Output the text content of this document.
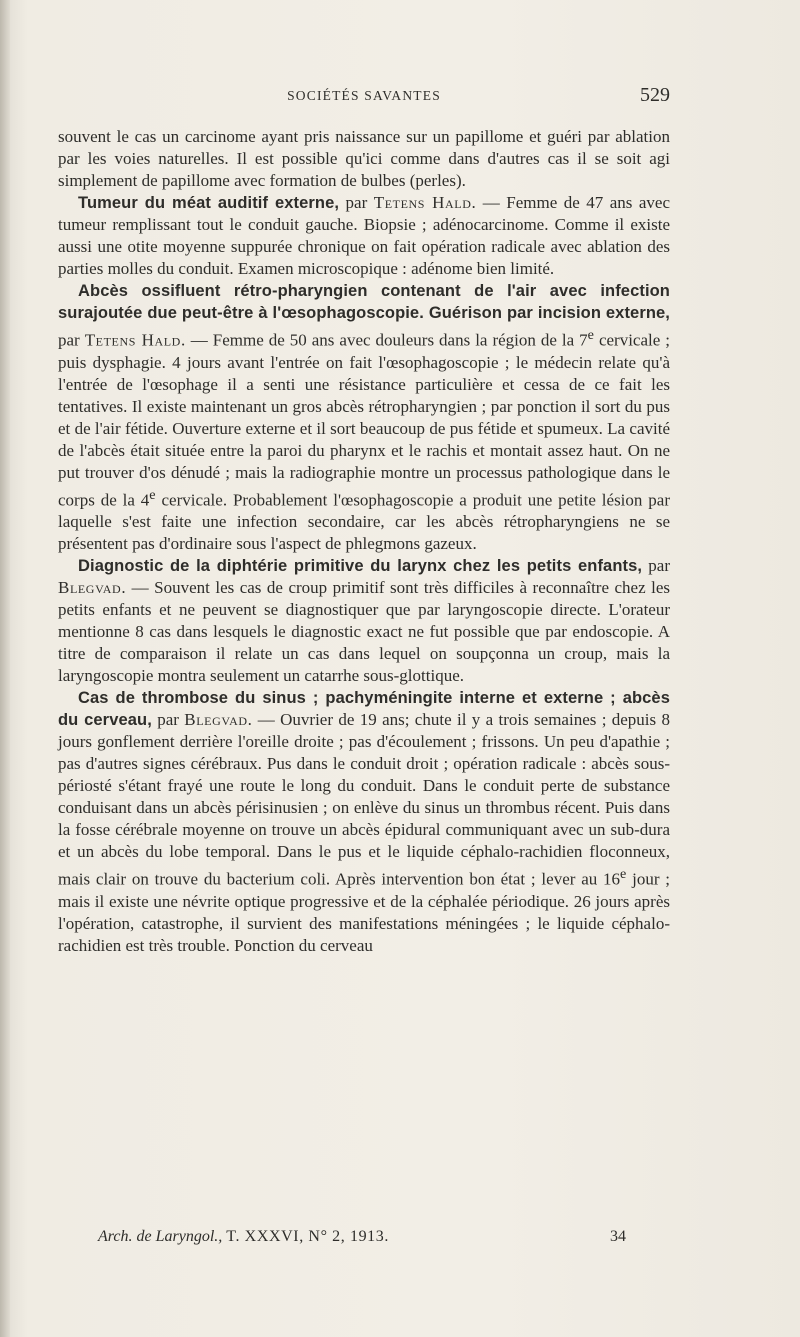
SOCIÉTÉS SAVANTES	529

souvent le cas un carcinome ayant pris naissance sur un papillome et guéri par ablation par les voies naturelles. Il est possible qu'ici comme dans d'autres cas il se soit agi simplement de papillome avec formation de bulbes (perles).

Tumeur du méat auditif externe, par Tetens Hald. — Femme de 47 ans avec tumeur remplissant tout le conduit gauche. Biopsie ; adénocarcinome. Comme il existe aussi une otite moyenne suppurée chronique on fait opération radicale avec ablation des parties molles du conduit. Examen microscopique : adénome bien limité.

Abcès ossifluent rétro-pharyngien contenant de l'air avec infection surajoutée due peut-être à l'œsophagoscopie. Guérison par incision externe, par Tetens Hald. — Femme de 50 ans avec douleurs dans la région de la 7e cervicale ; puis dysphagie. 4 jours avant l'entrée on fait l'œsophagoscopie ; le médecin relate qu'à l'entrée de l'œsophage il a senti une résistance particulière et cessa de ce fait les tentatives. Il existe maintenant un gros abcès rétropharyngien ; par ponction il sort du pus et de l'air fétide. Ouverture externe et il sort beaucoup de pus fétide et spumeux. La cavité de l'abcès était située entre la paroi du pharynx et le rachis et montait assez haut. On ne put trouver d'os dénudé ; mais la radiographie montre un processus pathologique dans le corps de la 4e cervicale. Probablement l'œsophagoscopie a produit une petite lésion par laquelle s'est faite une infection secondaire, car les abcès rétropharyngiens ne se présentent pas d'ordinaire sous l'aspect de phlegmons gazeux.

Diagnostic de la diphtérie primitive du larynx chez les petits enfants, par Blegvad. — Souvent les cas de croup primitif sont très difficiles à reconnaître chez les petits enfants et ne peuvent se diagnostiquer que par laryngoscopie directe. L'orateur mentionne 8 cas dans lesquels le diagnostic exact ne fut possible que par endoscopie. A titre de comparaison il relate un cas dans lequel on soupçonna un croup, mais la laryngoscopie montra seulement un catarrhe sous-glottique.

Cas de thrombose du sinus ; pachyméningite interne et externe ; abcès du cerveau, par Blegvad. — Ouvrier de 19 ans; chute il y a trois semaines ; depuis 8 jours gonflement derrière l'oreille droite ; pas d'écoulement ; frissons. Un peu d'apathie ; pas d'autres signes cérébraux. Pus dans le conduit droit ; opération radicale : abcès sous-périosté s'étant frayé une route le long du conduit. Dans le conduit perte de substance conduisant dans un abcès périsinusien ; on enlève du sinus un thrombus récent. Puis dans la fosse cérébrale moyenne on trouve un abcès épidural communiquant avec un sub-dura et un abcès du lobe temporal. Dans le pus et le liquide céphalo-rachidien floconneux, mais clair on trouve du bacterium coli. Après intervention bon état ; lever au 16e jour ; mais il existe une névrite optique progressive et de la céphalée périodique. 26 jours après l'opération, catastrophe, il survient des manifestations méningées ; le liquide céphalo-rachidien est très trouble. Ponction du cerveau

Arch. de Laryngol., T. XXXVI, N° 2, 1913.	34
